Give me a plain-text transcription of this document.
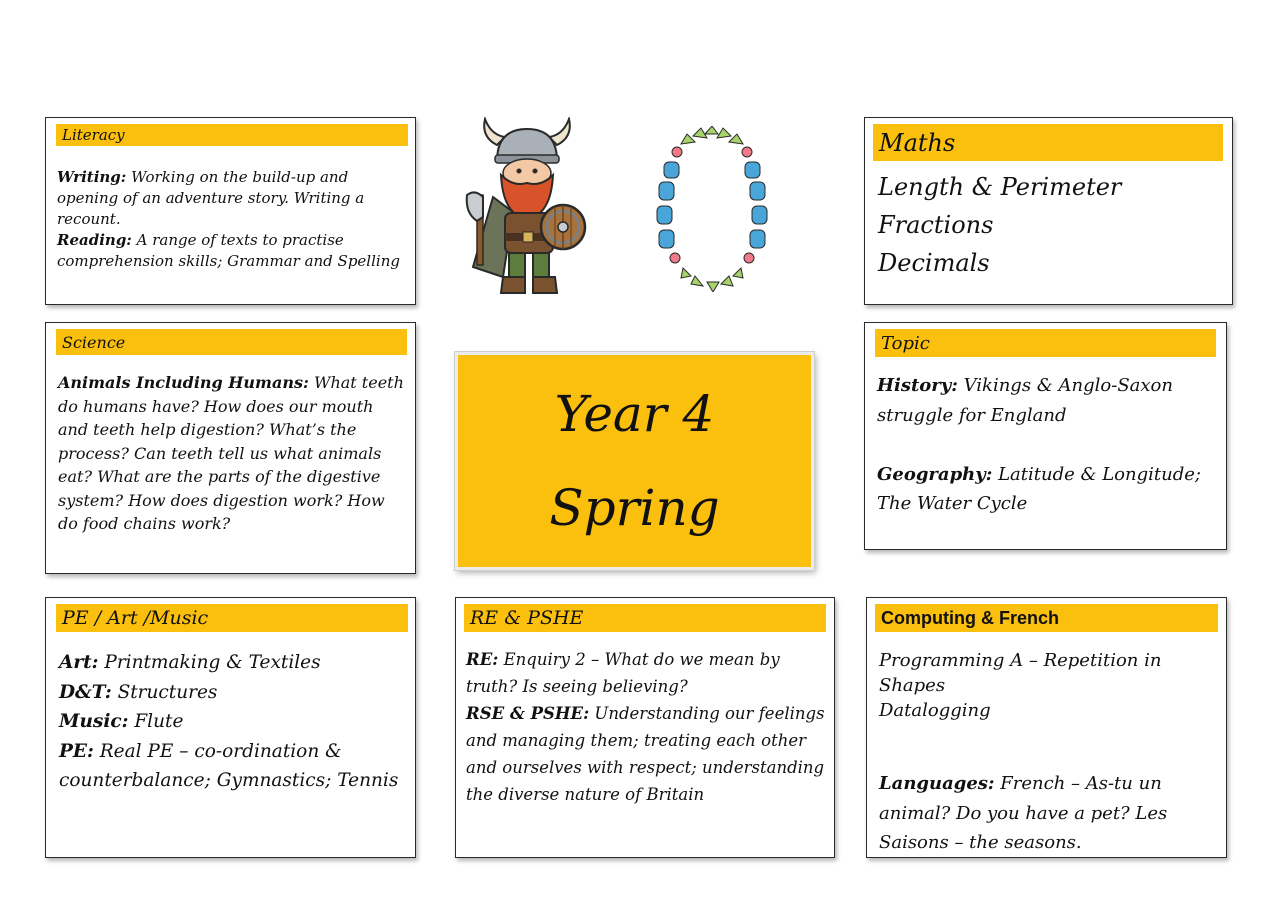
Literacy

Writing: Working on the build-up and opening of an adventure story. Writing a recount.

Reading: A range of texts to practise comprehension skills; Grammar and Spelling

Maths

Length & Perimeter

Fractions

Decimals

Science

Animals Including Humans: What teeth do humans have? How does our mouth and teeth help digestion? What’s the process? Can teeth tell us what animals eat? What are the parts of the digestive system? How does digestion work? How do food chains work?

Year 4
Spring
Topic

History: Vikings & Anglo-Saxon struggle for England

Geography: Latitude & Longitude; The Water Cycle

PE / Art /Music

Art: Printmaking & Textiles

D&T: Structures

Music: Flute

PE: Real PE – co-ordination & counterbalance; Gymnastics; Tennis

RE & PSHE

RE: Enquiry 2 – What do we mean by truth? Is seeing believing?

RSE & PSHE: Understanding our feelings and managing them; treating each other and ourselves with respect; understanding the diverse nature of Britain

Computing & French

Programming A – Repetition in Shapes

Datalogging

Languages: French – As-tu un animal? Do you have a pet? Les Saisons – the seasons.
